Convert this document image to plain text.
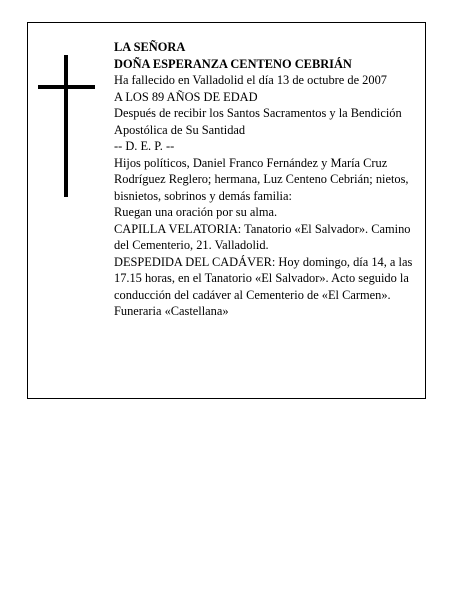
LA SEÑORA

DOÑA ESPERANZA CENTENO CEBRIÁN

Ha fallecido en Valladolid el día 13 de octubre de 2007

A LOS 89 AÑOS DE EDAD

Después de recibir los Santos Sacramentos y la Bendición Apostólica de Su Santidad

-- D. E. P. --

Hijos políticos, Daniel Franco Fernández y María Cruz Rodríguez Reglero; hermana, Luz Centeno Cebrián; nietos, bisnietos, sobrinos y demás familia:

Ruegan una oración por su alma.

CAPILLA VELATORIA: Tanatorio «El Salvador». Camino del Cementerio, 21. Valladolid.

DESPEDIDA DEL CADÁVER: Hoy domingo, día 14, a las 17.15 horas, en el Tanatorio «El Salvador». Acto seguido la conducción del cadáver al Cementerio de «El Carmen».

Funeraria «Castellana»
